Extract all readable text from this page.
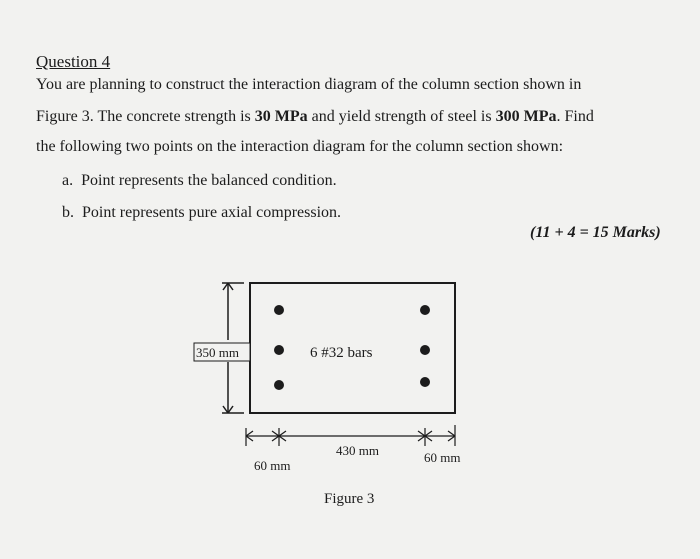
Question 4
You are planning to construct the interaction diagram of the column section shown in
Figure 3. The concrete strength is 30 MPa and yield strength of steel is 300 MPa. Find
the following two points on the interaction diagram for the column section shown:
a. Point represents the balanced condition.
b. Point represents pure axial compression.
(11 + 4 = 15 Marks)
350 mm	6 #32 bars
60 mm
430 mm	60 mm
Figure 3
